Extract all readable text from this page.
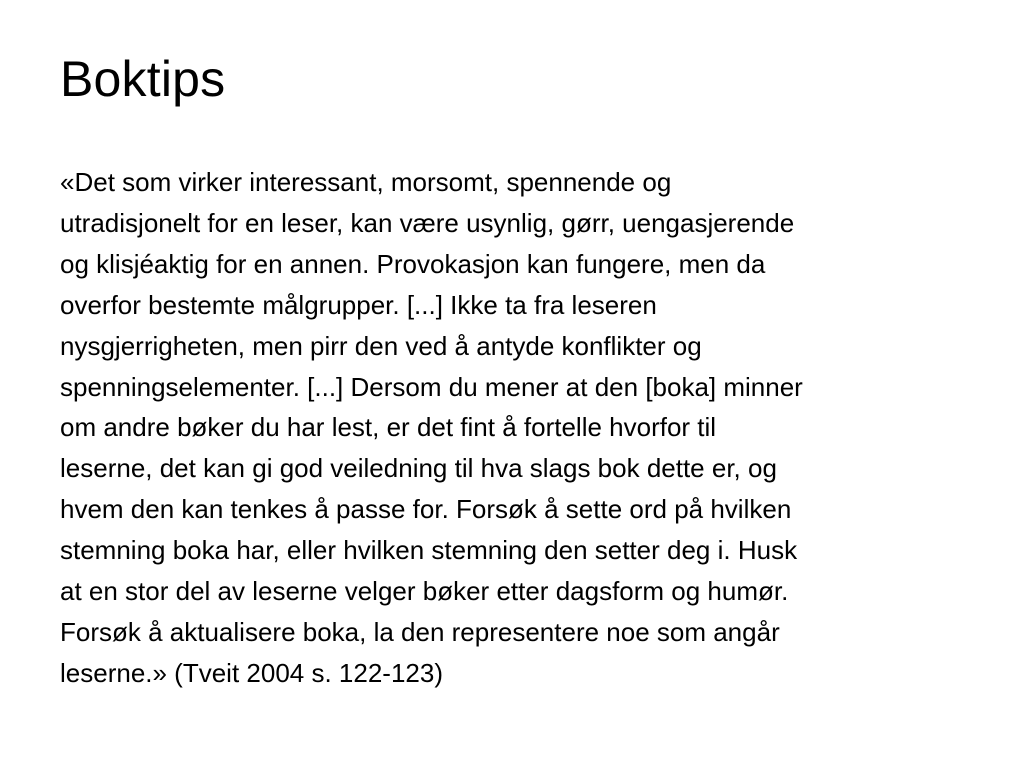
Boktips
«Det som virker interessant, morsomt, spennende og
utradisjonelt for en leser, kan være usynlig, gørr, uengasjerende
og klisjéaktig for en annen. Provokasjon kan fungere, men da
overfor bestemte målgrupper. [...] Ikke ta fra leseren
nysgjerrigheten, men pirr den ved å antyde konflikter og
spenningselementer. [...] Dersom du mener at den [boka] minner
om andre bøker du har lest, er det fint å fortelle hvorfor til
leserne, det kan gi god veiledning til hva slags bok dette er, og
hvem den kan tenkes å passe for. Forsøk å sette ord på hvilken
stemning boka har, eller hvilken stemning den setter deg i. Husk
at en stor del av leserne velger bøker etter dagsform og humør.
Forsøk å aktualisere boka, la den representere noe som angår
leserne.» (Tveit 2004 s. 122-123)
